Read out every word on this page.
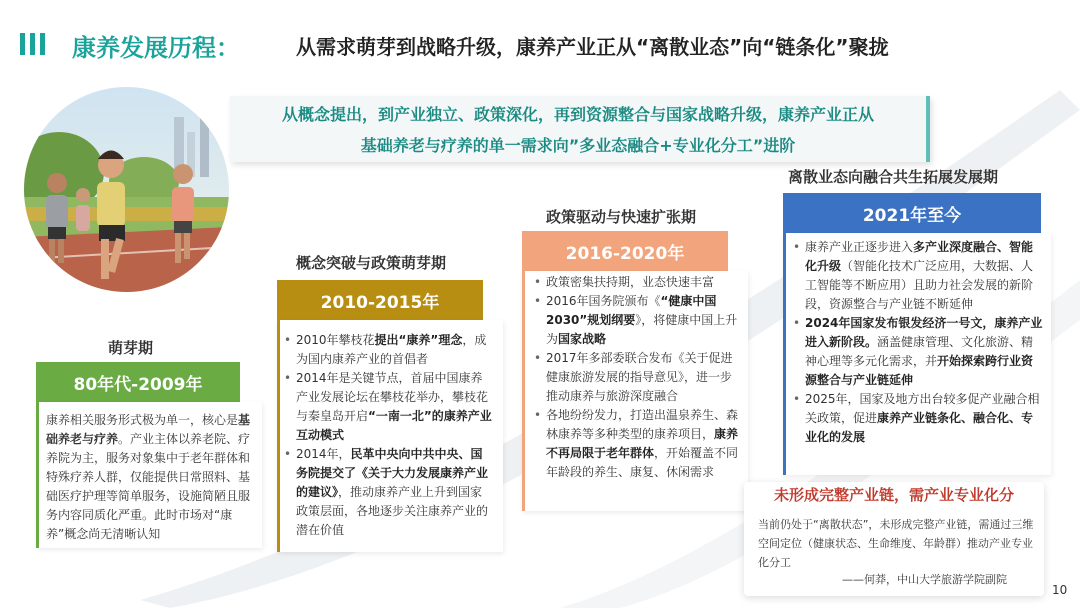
康养发展历程：	从需求萌芽到战略升级，康养产业正从“离散业态”向“链条化”聚拢
从概念提出，到产业独立、政策深化，再到资源整合与国家战略升级，康养产业正从
基础养老与疗养的单一需求向”多业态融合+专业化分工”进阶
萌芽期
80年代-2009年
康养相关服务形式极为单一，核心是基础养老与疗养。产业主体以养老院、疗养院为主，服务对象集中于老年群体和特殊疗养人群，仅能提供日常照料、基础医疗护理等简单服务，设施简陋且服务内容同质化严重。此时市场对“康养”概念尚无清晰认知
概念突破与政策萌芽期
2010-2015年
• 2010年攀枝花提出“康养”理念，成为国内康养产业的首倡者
• 2014年是关键节点，首届中国康养产业发展论坛在攀枝花举办，攀枝花与秦皇岛开启“一南一北”的康养产业互动模式
• 2014年，民革中央向中共中央、国务院提交了《关于大力发展康养产业的建议》，推动康养产业上升到国家政策层面，各地逐步关注康养产业的潜在价值
政策驱动与快速扩张期
2016-2020年
• 政策密集扶持期，业态快速丰富
• 2016年国务院颁布《“健康中国2030”规划纲要》，将健康中国上升为国家战略
• 2017年多部委联合发布《关于促进健康旅游发展的指导意见》，进一步推动康养与旅游深度融合
• 各地纷纷发力，打造出温泉养生、森林康养等多种类型的康养项目，康养不再局限于老年群体，开始覆盖不同年龄段的养生、康复、休闲需求
离散业态向融合共生拓展发展期
2021年至今
• 康养产业正逐步进入多产业深度融合、智能化升级（智能化技术广泛应用，大数据、人工智能等不断应用）且助力社会发展的新阶段，资源整合与产业链不断延伸
• 2024年国家发布银发经济一号文，康养产业进入新阶段。涵盖健康管理、文化旅游、精神心理等多元化需求，并开始探索跨行业资源整合与产业链延伸
• 2025年，国家及地方出台较多促产业融合相关政策，促进康养产业链条化、融合化、专业化的发展
未形成完整产业链，需产业专业化分
当前仍处于“离散状态”，未形成完整产业链，需通过三维空间定位（健康状态、生命维度、年龄群）推动产业专业化分工
——何莽，中山大学旅游学院副院
10
